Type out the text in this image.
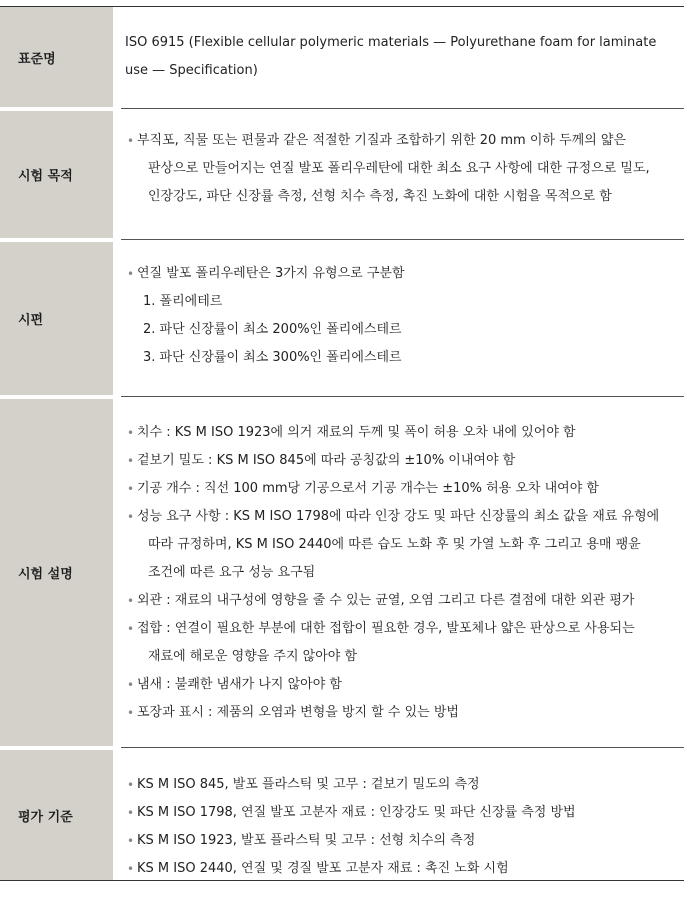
표준명
ISO 6915 (Flexible cellular polymeric materials — Polyurethane foam for laminate
use — Specification)
시험 목적
• 부직포, 직물 또는 편물과 같은 적절한 기질과 조합하기 위한 20 mm 이하 두께의 얇은
판상으로 만들어지는 연질 발포 폴리우레탄에 대한 최소 요구 사항에 대한 규정으로 밀도,
인장강도, 파단 신장률 측정, 선형 치수 측정, 촉진 노화에 대한 시험을 목적으로 함
시편
• 연질 발포 폴리우레탄은 3가지 유형으로 구분함
1. 폴리에테르
2. 파단 신장률이 최소 200%인 폴리에스테르
3. 파단 신장률이 최소 300%인 폴리에스테르
시험 설명
• 치수 : KS M ISO 1923에 의거 재료의 두께 및 폭이 허용 오차 내에 있어야 함
• 겉보기 밀도 : KS M ISO 845에 따라 공칭값의 ±10% 이내여야 함
• 기공 개수 : 직선 100 mm당 기공으로서 기공 개수는 ±10% 허용 오차 내여야 함
• 성능 요구 사항 : KS M ISO 1798에 따라 인장 강도 및 파단 신장률의 최소 값을 재료 유형에
따라 규정하며, KS M ISO 2440에 따른 습도 노화 후 및 가열 노화 후 그리고 용매 팽윤
조건에 따른 요구 성능 요구됨
• 외관 : 재료의 내구성에 영향을 줄 수 있는 균열, 오염 그리고 다른 결점에 대한 외관 평가
• 접합 : 연결이 필요한 부분에 대한 접합이 필요한 경우, 발포체나 얇은 판상으로 사용되는
재료에 해로운 영향을 주지 않아야 함
• 냄새 : 불쾌한 냄새가 나지 않아야 함
• 포장과 표시 : 제품의 오염과 변형을 방지 할 수 있는 방법
평가 기준
• KS M ISO 845, 발포 플라스틱 및 고무 : 겉보기 밀도의 측정
• KS M ISO 1798, 연질 발포 고분자 재료 : 인장강도 및 파단 신장률 측정 방법
• KS M ISO 1923, 발포 플라스틱 및 고무 : 선형 치수의 측정
• KS M ISO 2440, 연질 및 경질 발포 고분자 재료 : 촉진 노화 시험
